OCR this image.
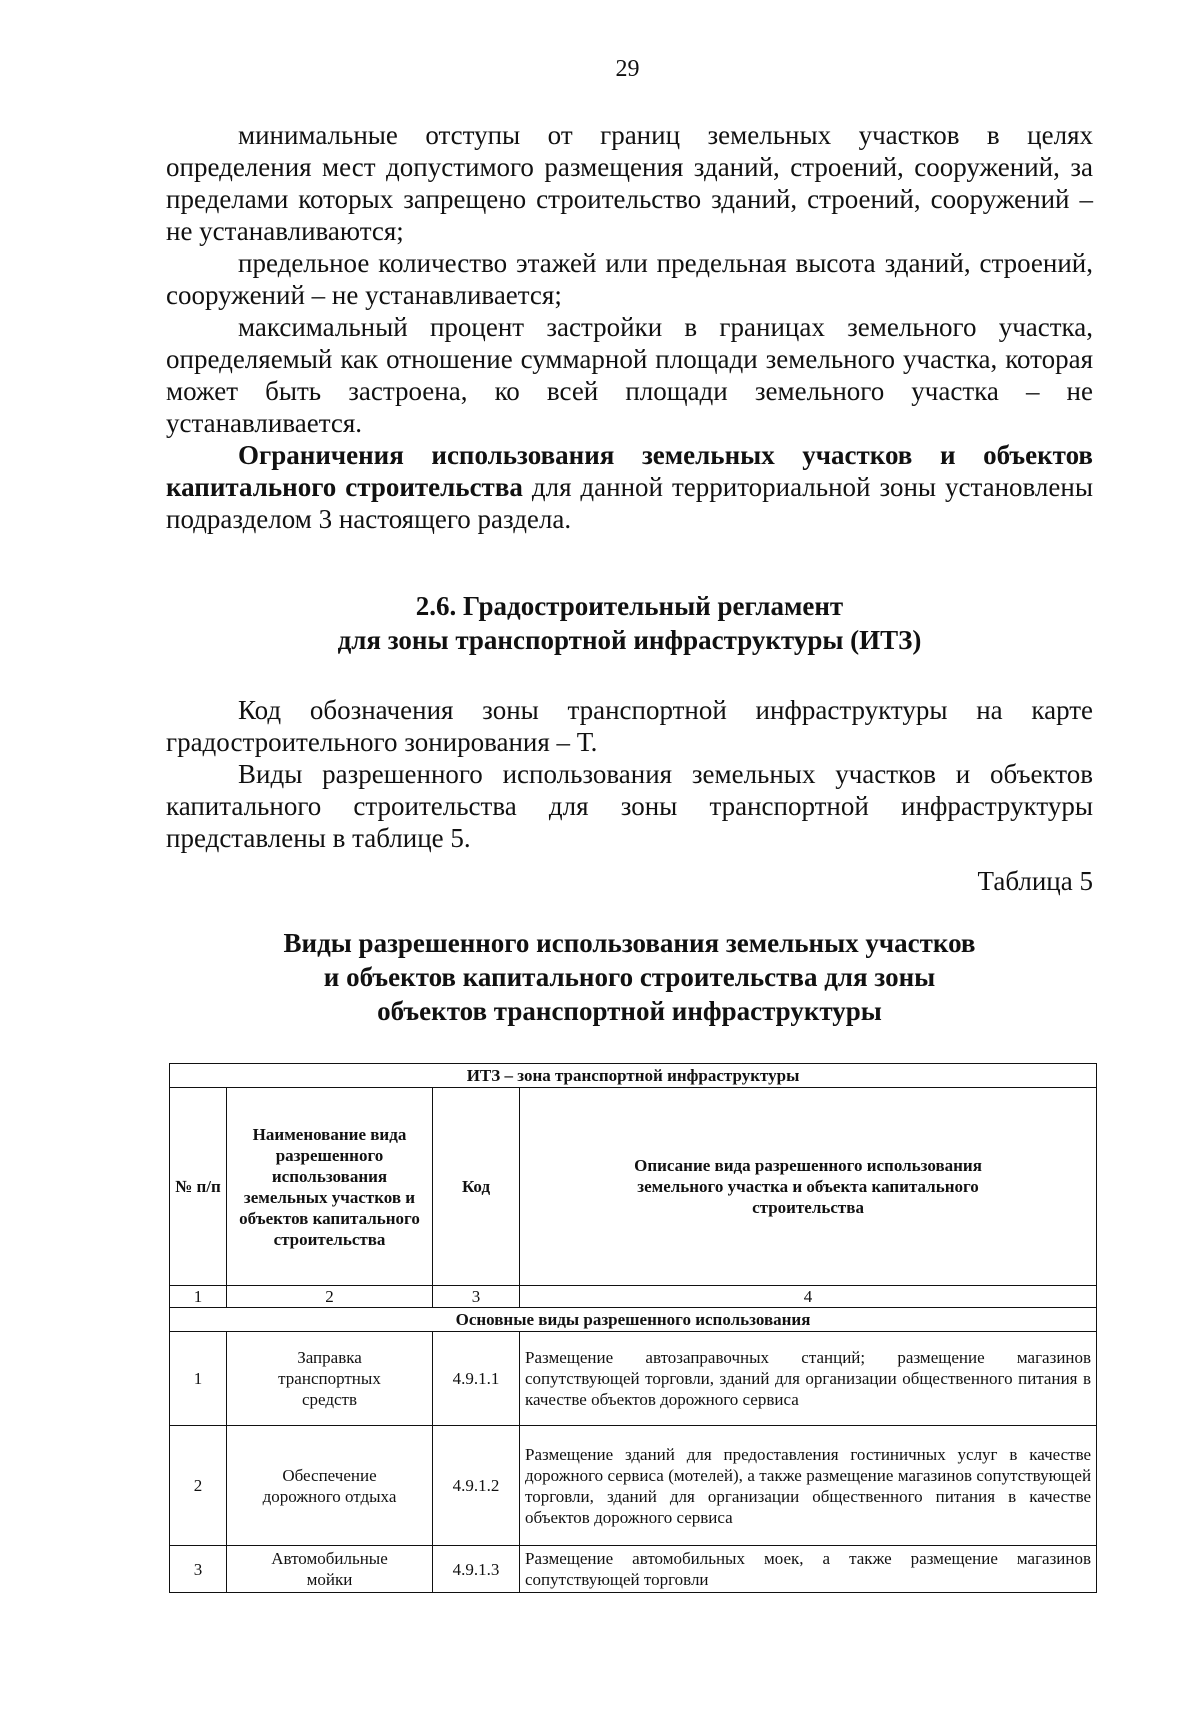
29

минимальные отступы от границ земельных участков в целях определения мест допустимого размещения зданий, строений, сооружений, за пределами которых запрещено строительство зданий, строений, сооружений – не устанавливаются;

предельное количество этажей или предельная высота зданий, строений, сооружений – не устанавливается;

максимальный процент застройки в границах земельного участка, определяемый как отношение суммарной площади земельного участка, которая может быть застроена, ко всей площади земельного участка – не устанавливается.

Ограничения использования земельных участков и объектов капитального строительства для данной территориальной зоны установлены подразделом 3 настоящего раздела.

2.6. Градостроительный регламент
для зоны транспортной инфраструктуры (ИТЗ)

Код обозначения зоны транспортной инфраструктуры на карте градостроительного зонирования – Т.

Виды разрешенного использования земельных участков и объектов капитального строительства для зоны транспортной инфраструктуры представлены в таблице 5.

Таблица 5
Виды разрешенного использования земельных участков
и объектов капитального строительства для зоны
объектов транспортной инфраструктуры
ИТЗ – зона транспортной инфраструктуры			
№ п/п	Наименование вида разрешенного использования земельных участков и объектов капитального строительства	Код	Описание вида разрешенного использования земельного участка и объекта капитального строительства
1	2	3	4
Основные виды разрешенного использования			
1	Заправка транспортных средств	4.9.1.1	Размещение автозаправочных станций; размещение магазинов сопутствующей торговли, зданий для организации общественного питания в качестве объектов дорожного сервиса
2	Обеспечение дорожного отдыха	4.9.1.2	Размещение зданий для предоставления гостиничных услуг в качестве дорожного сервиса (мотелей), а также размещение магазинов сопутствующей торговли, зданий для организации общественного питания в качестве объектов дорожного сервиса
3	Автомобильные мойки	4.9.1.3	Размещение автомобильных моек, а также размещение магазинов сопутствующей торговли
